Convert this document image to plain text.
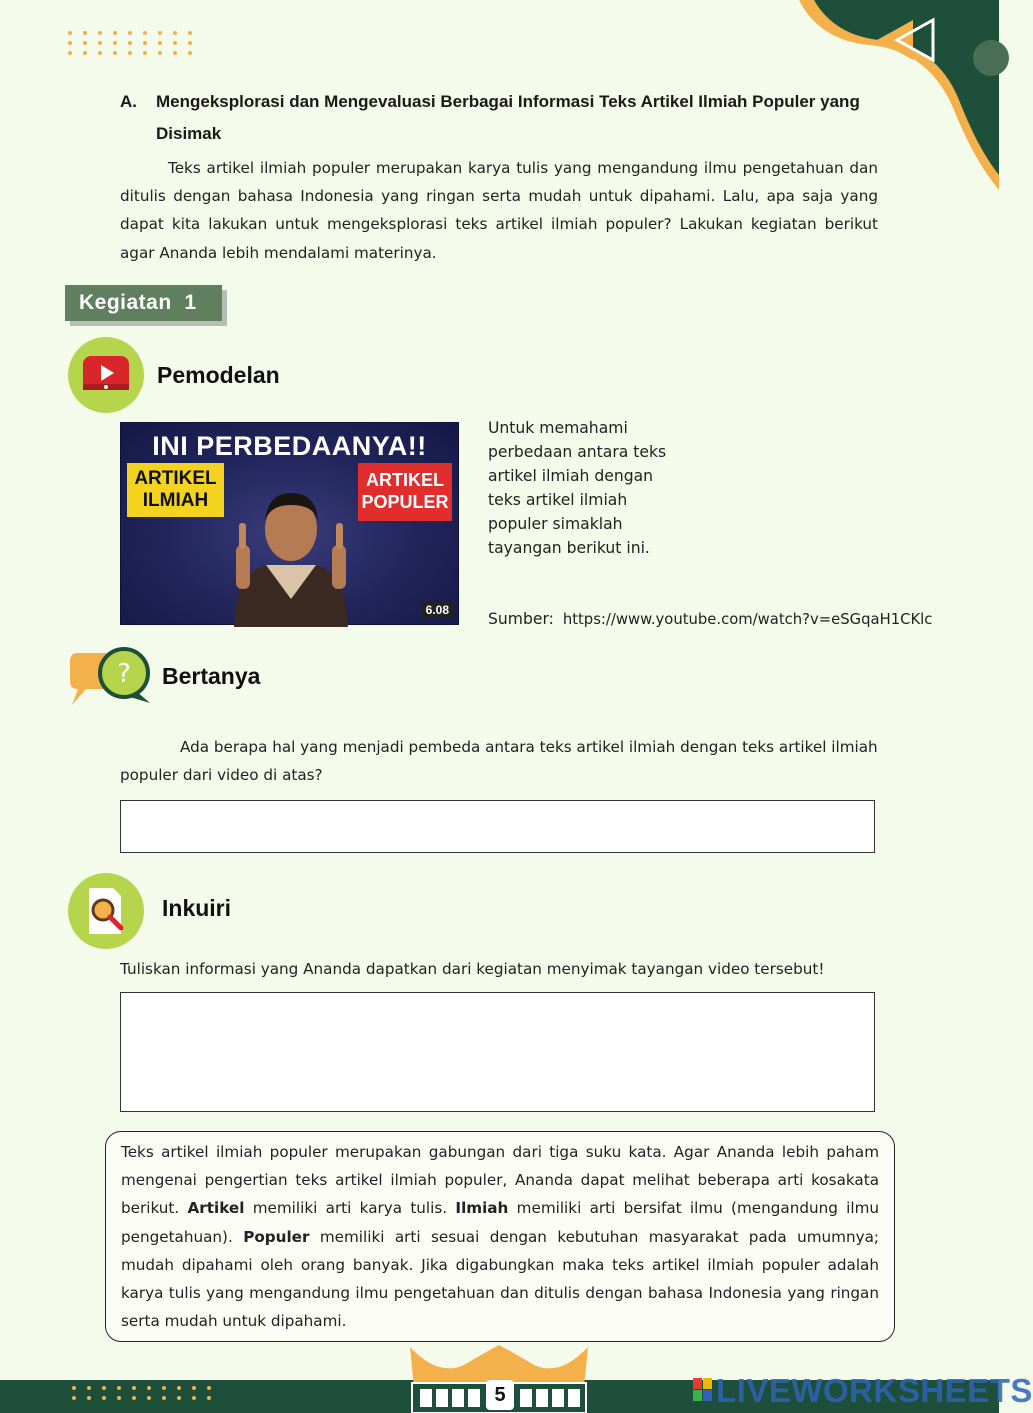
A.	Mengeksplorasi dan Mengevaluasi Berbagai Informasi Teks Artikel Ilmiah Populer yang Disimak

Teks artikel ilmiah populer merupakan karya tulis yang mengandung ilmu pengetahuan dan ditulis dengan bahasa Indonesia yang ringan serta mudah untuk dipahami. Lalu, apa saja yang dapat kita lakukan untuk mengeksplorasi teks artikel ilmiah populer? Lakukan kegiatan berikut agar Ananda lebih mendalami materinya.

Kegiatan  1
Pemodelan
INI PERBEDAANYA!!
ARTIKEL ILMIAH
ARTIKEL POPULER
6.08

Untuk memahami perbedaan antara teks artikel ilmiah dengan teks artikel ilmiah populer simaklah tayangan berikut ini.

Sumber: https://www.youtube.com/watch?v=eSGqaH1CKlc
? Bertanya

Ada berapa hal yang menjadi pembeda antara teks artikel ilmiah dengan teks artikel ilmiah populer dari video di atas?

Inkuiri

Tuliskan informasi yang Ananda dapatkan dari kegiatan menyimak tayangan video tersebut!

Teks artikel ilmiah populer merupakan gabungan dari tiga suku kata. Agar Ananda lebih paham mengenai pengertian teks artikel ilmiah populer, Ananda dapat melihat beberapa arti kosakata berikut. Artikel memiliki arti karya tulis. Ilmiah memiliki arti bersifat ilmu (mengandung ilmu pengetahuan). Populer memiliki arti sesuai dengan kebutuhan masyarakat pada umumnya; mudah dipahami oleh orang banyak. Jika digabungkan maka teks artikel ilmiah populer adalah karya tulis yang mengandung ilmu pengetahuan dan ditulis dengan bahasa Indonesia yang ringan serta mudah untuk dipahami.

5	LIVEWORKSHEETS
